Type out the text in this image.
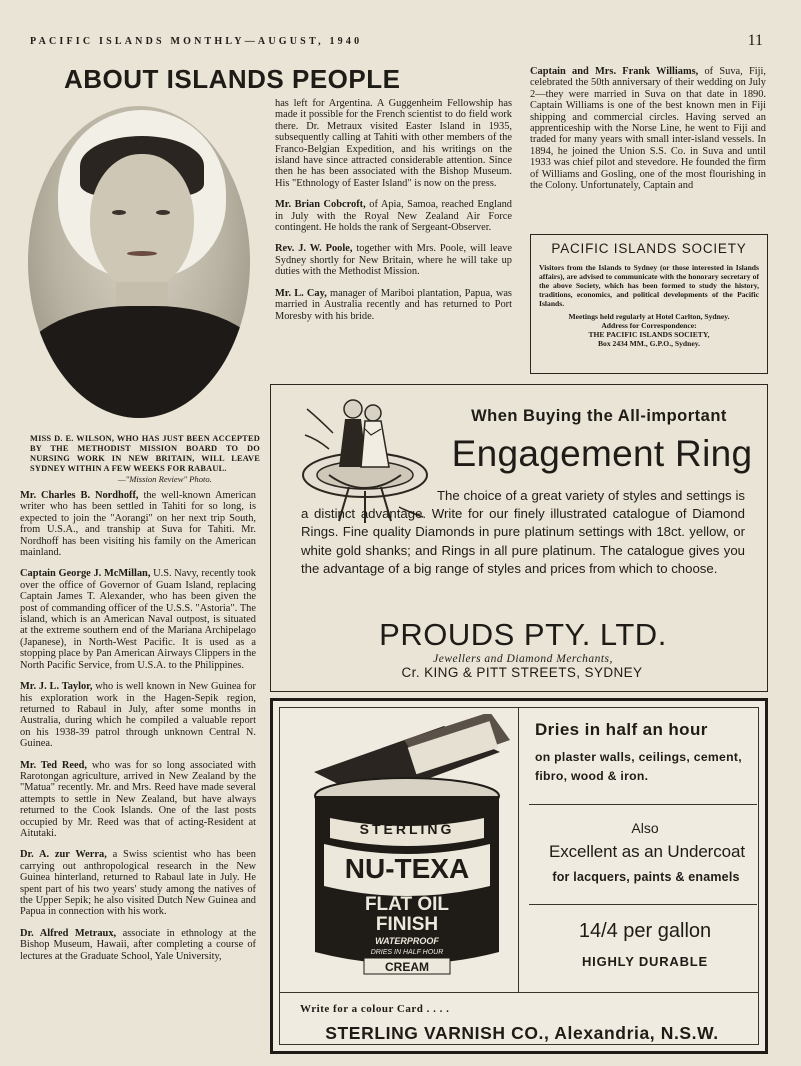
PACIFIC ISLANDS MONTHLY—AUGUST, 1940	11
ABOUT ISLANDS PEOPLE
MISS D. E. WILSON, WHO HAS JUST BEEN ACCEPTED BY THE METHODIST MISSION BOARD TO DO NURSING WORK IN NEW BRITAIN, WILL LEAVE SYDNEY WITHIN A FEW WEEKS FOR RABAUL.
—"Mission Review" Photo.

Mr. Charles B. Nordhoff, the well-known American writer who has been settled in Tahiti for so long, is expected to join the "Aorangi" on her next trip South, from U.S.A., and tranship at Suva for Tahiti. Mr. Nordhoff has been visiting his family on the American mainland.

Captain George J. McMillan, U.S. Navy, recently took over the office of Governor of Guam Island, replacing Captain James T. Alexander, who has been given the post of commanding officer of the U.S.S. "Astoria". The island, which is an American Naval outpost, is situated at the extreme southern end of the Mariana Archipelago (Japanese), in North-West Pacific. It is used as a stopping place by Pan American Airways Clippers in the North Pacific Service, from U.S.A. to the Philippines.

Mr. J. L. Taylor, who is well known in New Guinea for his exploration work in the Hagen-Sepik region, returned to Rabaul in July, after some months in Australia, during which he compiled a valuable report on his 1938-39 patrol through unknown Central N. Guinea.

Mr. Ted Reed, who was for so long associated with Rarotongan agriculture, arrived in New Zealand by the "Matua" recently. Mr. and Mrs. Reed have made several attempts to settle in New Zealand, but have always returned to the Cook Islands. One of the last posts occupied by Mr. Reed was that of acting-Resident at Aitutaki.

Dr. A. zur Werra, a Swiss scientist who has been carrying out anthropological research in the New Guinea hinterland, returned to Rabaul late in July. He spent part of his two years' study among the natives of the Upper Sepik; he also visited Dutch New Guinea and Papua in connection with his work.

Dr. Alfred Metraux, associate in ethnology at the Bishop Museum, Hawaii, after completing a course of lectures at the Graduate School, Yale University,

has left for Argentina. A Guggenheim Fellowship has made it possible for the French scientist to do field work there. Dr. Metraux visited Easter Island in 1935, subsequently calling at Tahiti with other members of the Franco-Belgian Expedition, and his writings on the island have since attracted considerable attention. Since then he has been associated with the Bishop Museum. His "Ethnology of Easter Island" is now on the press.

Mr. Brian Cobcroft, of Apia, Samoa, reached England in July with the Royal New Zealand Air Force contingent. He holds the rank of Sergeant-Observer.

Rev. J. W. Poole, together with Mrs. Poole, will leave Sydney shortly for New Britain, where he will take up duties with the Methodist Mission.

Mr. L. Cay, manager of Mariboi plantation, Papua, was married in Australia recently and has returned to Port Moresby with his bride.

Captain and Mrs. Frank Williams, of Suva, Fiji, celebrated the 50th anniversary of their wedding on July 2—they were married in Suva on that date in 1890. Captain Williams is one of the best known men in Fiji shipping and commercial circles. Having served an apprenticeship with the Norse Line, he went to Fiji and traded for many years with small inter-island vessels. In 1894, he joined the Union S.S. Co. in Suva and until 1933 was chief pilot and stevedore. He founded the firm of Williams and Gosling, one of the most flourishing in the Colony. Unfortunately, Captain and

PACIFIC ISLANDS SOCIETY
Visitors from the Islands to Sydney (or those interested in Islands affairs), are advised to communicate with the honorary secretary of the above Society, which has been formed to study the history, traditions, economics, and political developments of the Pacific Islands.
Meetings held regularly at Hotel Carlton, Sydney.
Address for Correspondence:
THE PACIFIC ISLANDS SOCIETY,
Box 2434 MM., G.P.O., Sydney.
When Buying the All-important
Engagement Ring
The choice of a great variety of styles and settings is a distinct advantage. Write for our finely illustrated catalogue of Diamond Rings. Fine quality Diamonds in pure platinum settings with 18ct. yellow, or white gold shanks; and Rings in all pure platinum. The catalogue gives you the advantage of a big range of styles and prices from which to choose.
PROUDS PTY. LTD.
Jewellers and Diamond Merchants,
Cr. KING & PITT STREETS, SYDNEY
STERLING
NU-TEXA
FLAT OIL
FINISH
WATERPROOF
DRIES IN HALF HOUR
CREAM
Dries in half an hour
on plaster walls, ceilings, cement, fibro, wood & iron.
Also
Excellent as an Undercoat
for lacquers, paints & enamels
14/4 per gallon
HIGHLY DURABLE
Write for a colour Card . . . .
STERLING VARNISH CO., Alexandria, N.S.W.
